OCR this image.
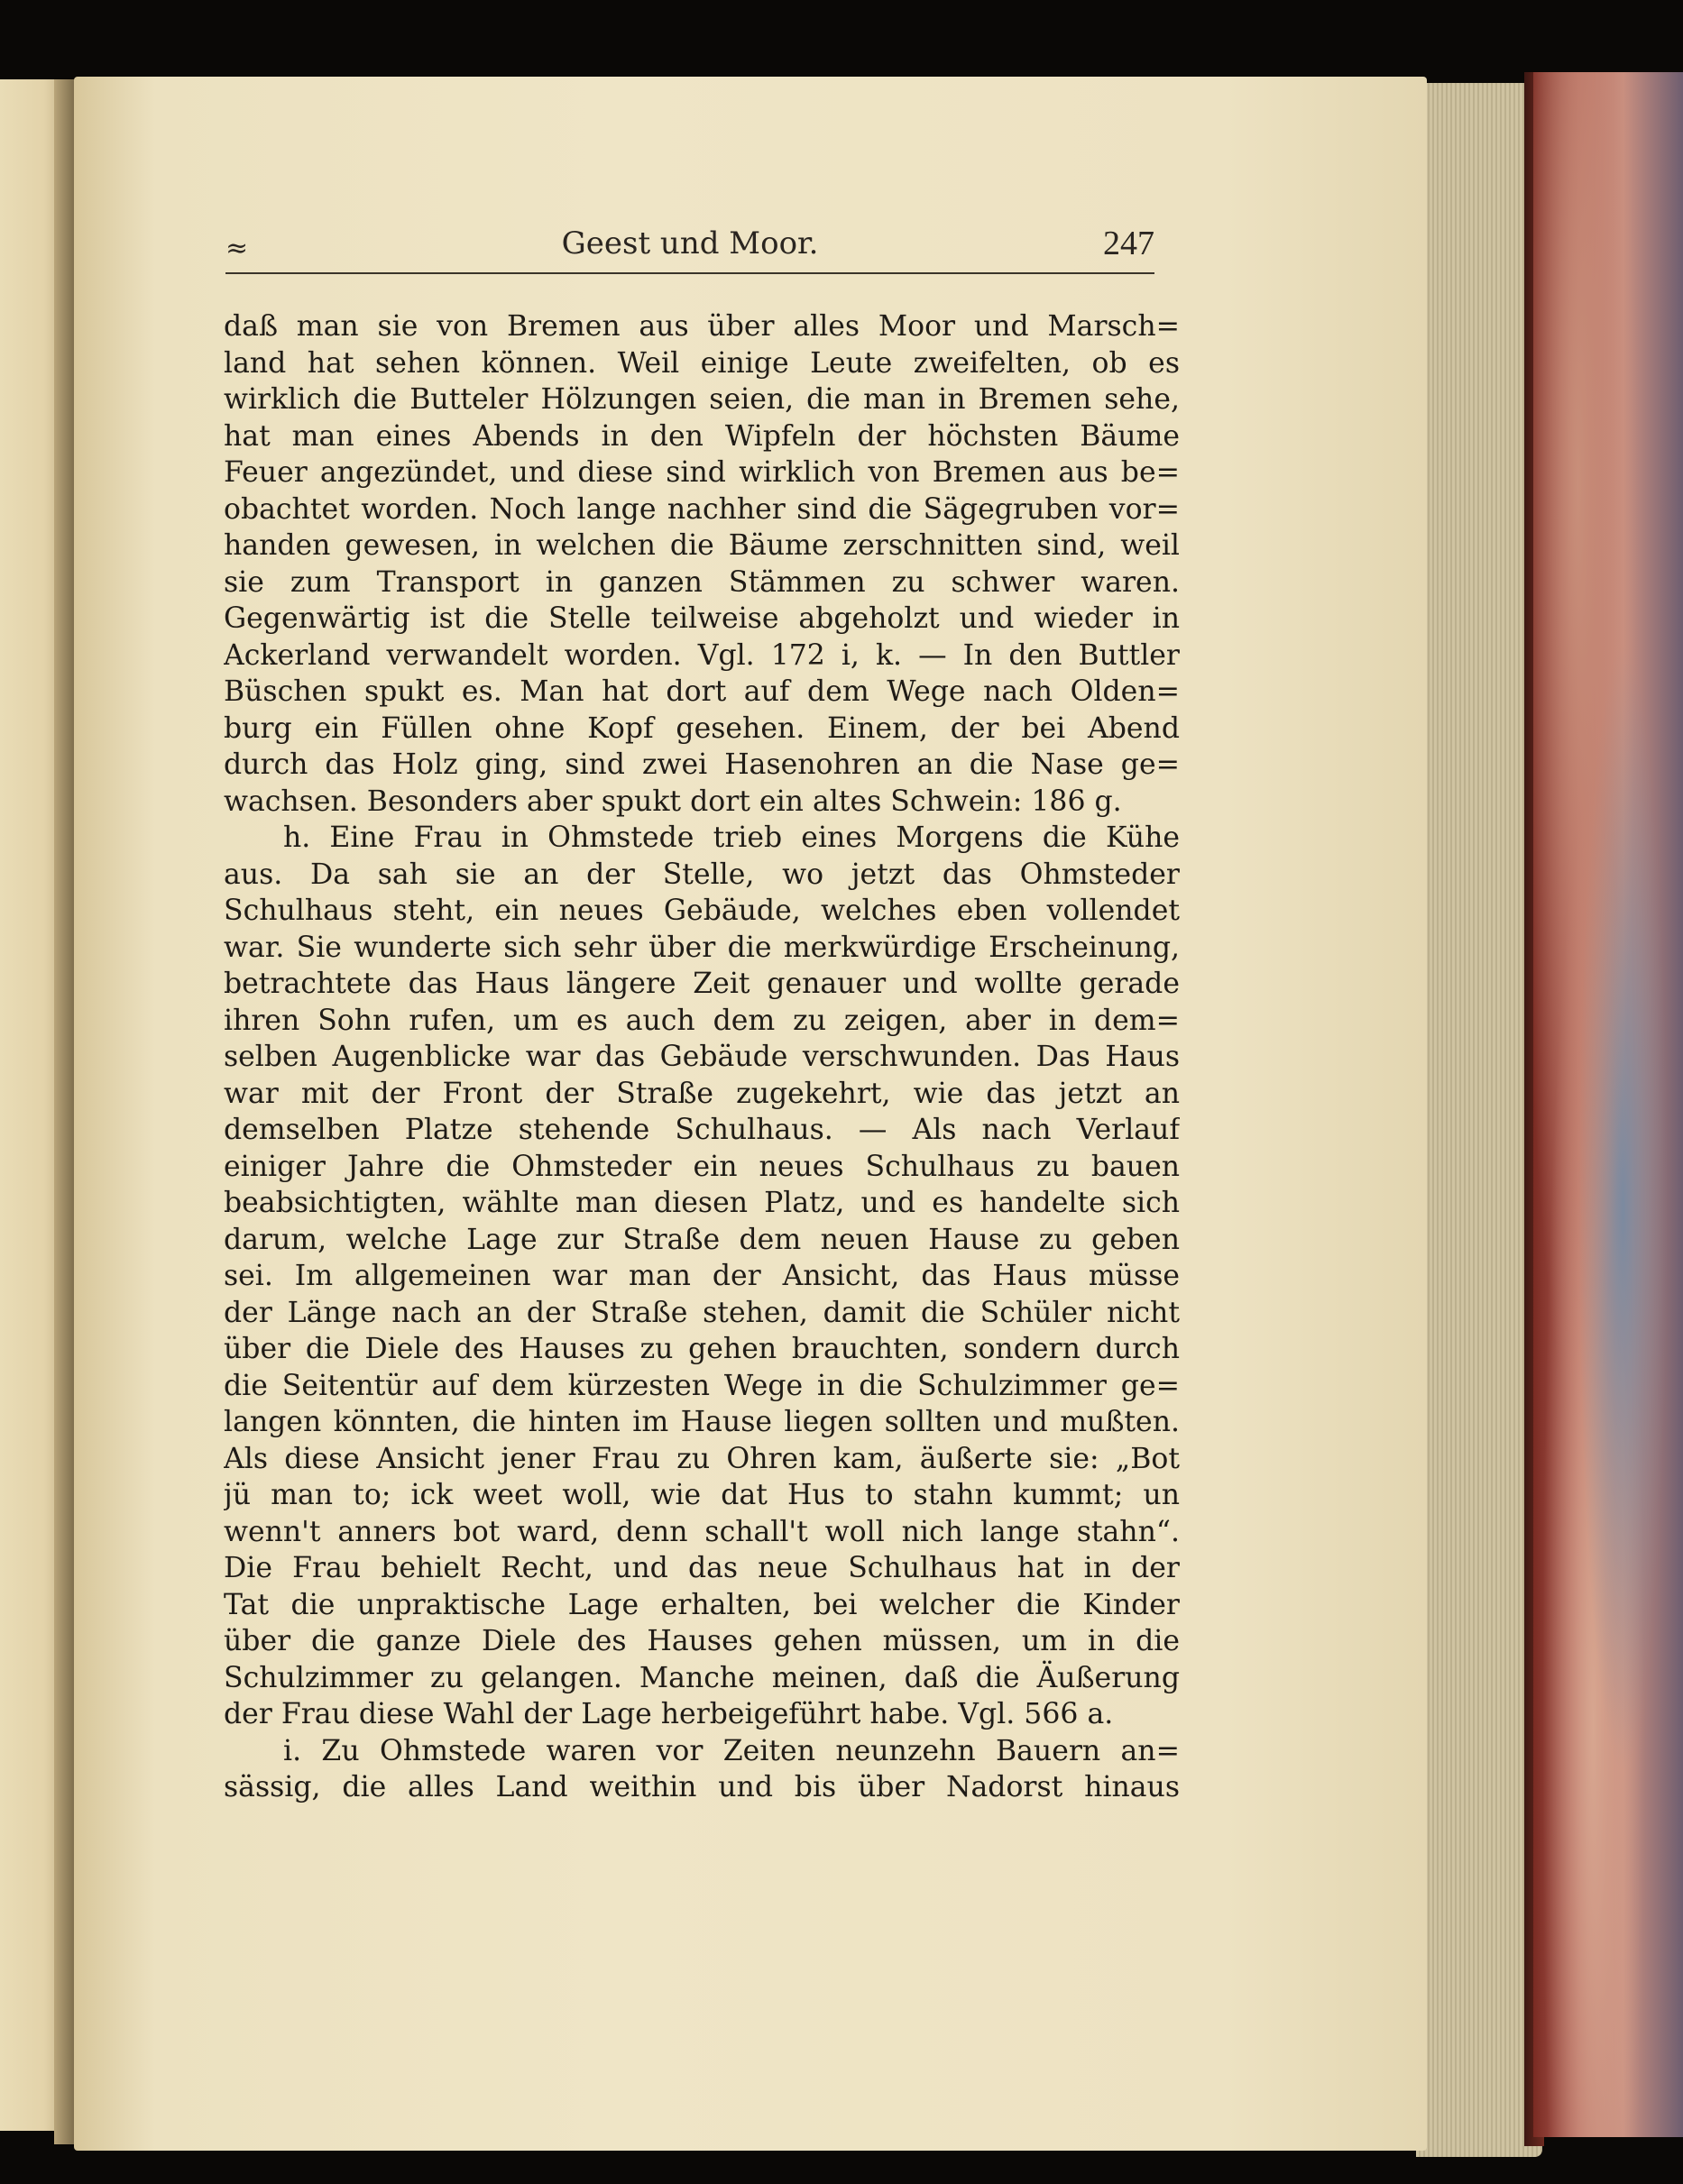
≈	Geest und Moor.	247
daß man sie von Bremen aus über alles Moor und Marsch=
land hat sehen können. Weil einige Leute zweifelten, ob es
wirklich die Butteler Hölzungen seien, die man in Bremen sehe,
hat man eines Abends in den Wipfeln der höchsten Bäume
Feuer angezündet, und diese sind wirklich von Bremen aus be=
obachtet worden. Noch lange nachher sind die Sägegruben vor=
handen gewesen, in welchen die Bäume zerschnitten sind, weil
sie zum Transport in ganzen Stämmen zu schwer waren.
Gegenwärtig ist die Stelle teilweise abgeholzt und wieder in
Ackerland verwandelt worden. Vgl. 172 i, k. — In den Buttler
Büschen spukt es. Man hat dort auf dem Wege nach Olden=
burg ein Füllen ohne Kopf gesehen. Einem, der bei Abend
durch das Holz ging, sind zwei Hasenohren an die Nase ge=
wachsen. Besonders aber spukt dort ein altes Schwein: 186 g.
h. Eine Frau in Ohmstede trieb eines Morgens die Kühe
aus. Da sah sie an der Stelle, wo jetzt das Ohmsteder
Schulhaus steht, ein neues Gebäude, welches eben vollendet
war. Sie wunderte sich sehr über die merkwürdige Erscheinung,
betrachtete das Haus längere Zeit genauer und wollte gerade
ihren Sohn rufen, um es auch dem zu zeigen, aber in dem=
selben Augenblicke war das Gebäude verschwunden. Das Haus
war mit der Front der Straße zugekehrt, wie das jetzt an
demselben Platze stehende Schulhaus. — Als nach Verlauf
einiger Jahre die Ohmsteder ein neues Schulhaus zu bauen
beabsichtigten, wählte man diesen Platz, und es handelte sich
darum, welche Lage zur Straße dem neuen Hause zu geben
sei. Im allgemeinen war man der Ansicht, das Haus müsse
der Länge nach an der Straße stehen, damit die Schüler nicht
über die Diele des Hauses zu gehen brauchten, sondern durch
die Seitentür auf dem kürzesten Wege in die Schulzimmer ge=
langen könnten, die hinten im Hause liegen sollten und mußten.
Als diese Ansicht jener Frau zu Ohren kam, äußerte sie: „Bot
jü man to; ick weet woll, wie dat Hus to stahn kummt; un
wenn't anners bot ward, denn schall't woll nich lange stahn“.
Die Frau behielt Recht, und das neue Schulhaus hat in der
Tat die unpraktische Lage erhalten, bei welcher die Kinder
über die ganze Diele des Hauses gehen müssen, um in die
Schulzimmer zu gelangen. Manche meinen, daß die Äußerung
der Frau diese Wahl der Lage herbeigeführt habe. Vgl. 566 a.
i. Zu Ohmstede waren vor Zeiten neunzehn Bauern an=
sässig, die alles Land weithin und bis über Nadorst hinaus
